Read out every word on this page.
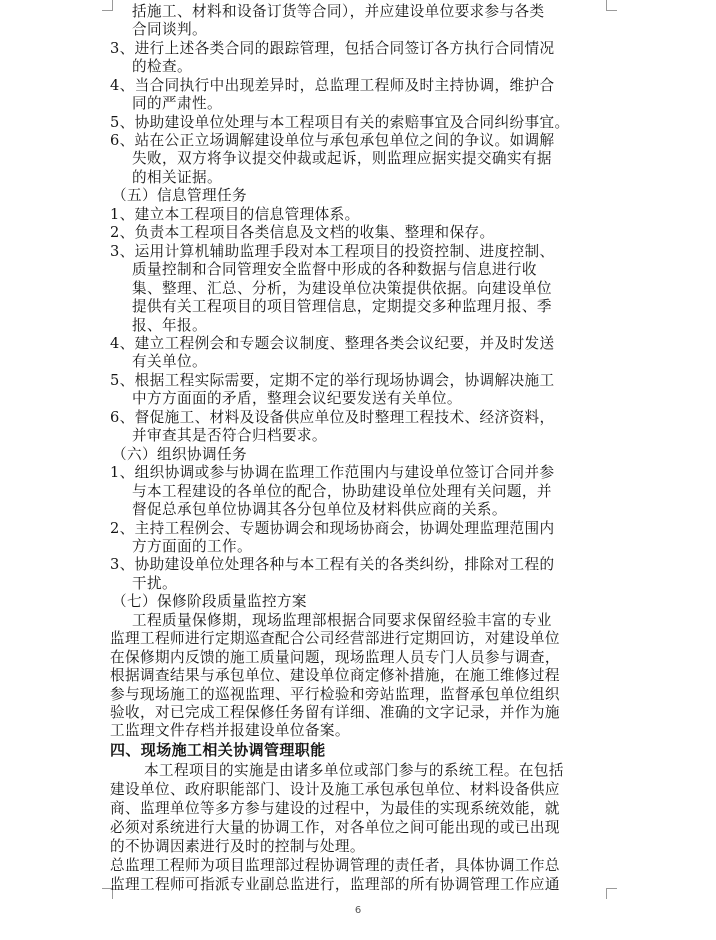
括施工、材料和设备订货等合同），并应建设单位要求参与各类
合同谈判。
3、进行上述各类合同的跟踪管理，包括合同签订各方执行合同情况
的检查。
4、当合同执行中出现差异时，总监理工程师及时主持协调，维护合
同的严肃性。
5、协助建设单位处理与本工程项目有关的索赔事宜及合同纠纷事宜。
6、站在公正立场调解建设单位与承包承包单位之间的争议。如调解
失败，双方将争议提交仲裁或起诉，则监理应据实提交确实有据
的相关证据。
（五）信息管理任务
1、建立本工程项目的信息管理体系。
2、负责本工程项目各类信息及文档的收集、整理和保存。
3、运用计算机辅助监理手段对本工程项目的投资控制、进度控制、
质量控制和合同管理安全监督中形成的各种数据与信息进行收
集、整理、汇总、分析，为建设单位决策提供依据。向建设单位
提供有关工程项目的项目管理信息，定期提交多种监理月报、季
报、年报。
4、建立工程例会和专题会议制度、整理各类会议纪要，并及时发送
有关单位。
5、根据工程实际需要，定期不定的举行现场协调会，协调解决施工
中方方面面的矛盾，整理会议纪要发送有关单位。
6、督促施工、材料及设备供应单位及时整理工程技术、经济资料，
并审查其是否符合归档要求。
（六）组织协调任务
1、组织协调或参与协调在监理工作范围内与建设单位签订合同并参
与本工程建设的各单位的配合，协助建设单位处理有关问题，并
督促总承包单位协调其各分包单位及材料供应商的关系。
2、主持工程例会、专题协调会和现场协商会，协调处理监理范围内
方方面面的工作。
3、协助建设单位处理各种与本工程有关的各类纠纷，排除对工程的
干扰。
（七）保修阶段质量监控方案
工程质量保修期，现场监理部根据合同要求保留经验丰富的专业
监理工程师进行定期巡查配合公司经营部进行定期回访，对建设单位
在保修期内反馈的施工质量问题，现场监理人员专门人员参与调查，
根据调查结果与承包单位、建设单位商定修补措施，在施工维修过程
参与现场施工的巡视监理、平行检验和旁站监理，监督承包单位组织
验收，对已完成工程保修任务留有详细、准确的文字记录，并作为施
工监理文件存档并报建设单位备案。
四、现场施工相关协调管理职能
本工程项目的实施是由诸多单位或部门参与的系统工程。在包括
建设单位、政府职能部门、设计及施工承包承包单位、材料设备供应
商、监理单位等多方参与建设的过程中，为最佳的实现系统效能，就
必须对系统进行大量的协调工作，对各单位之间可能出现的或已出现
的不协调因素进行及时的控制与处理。
总监理工程师为项目监理部过程协调管理的责任者，具体协调工作总
监理工程师可指派专业副总监进行，监理部的所有协调管理工作应通
6
